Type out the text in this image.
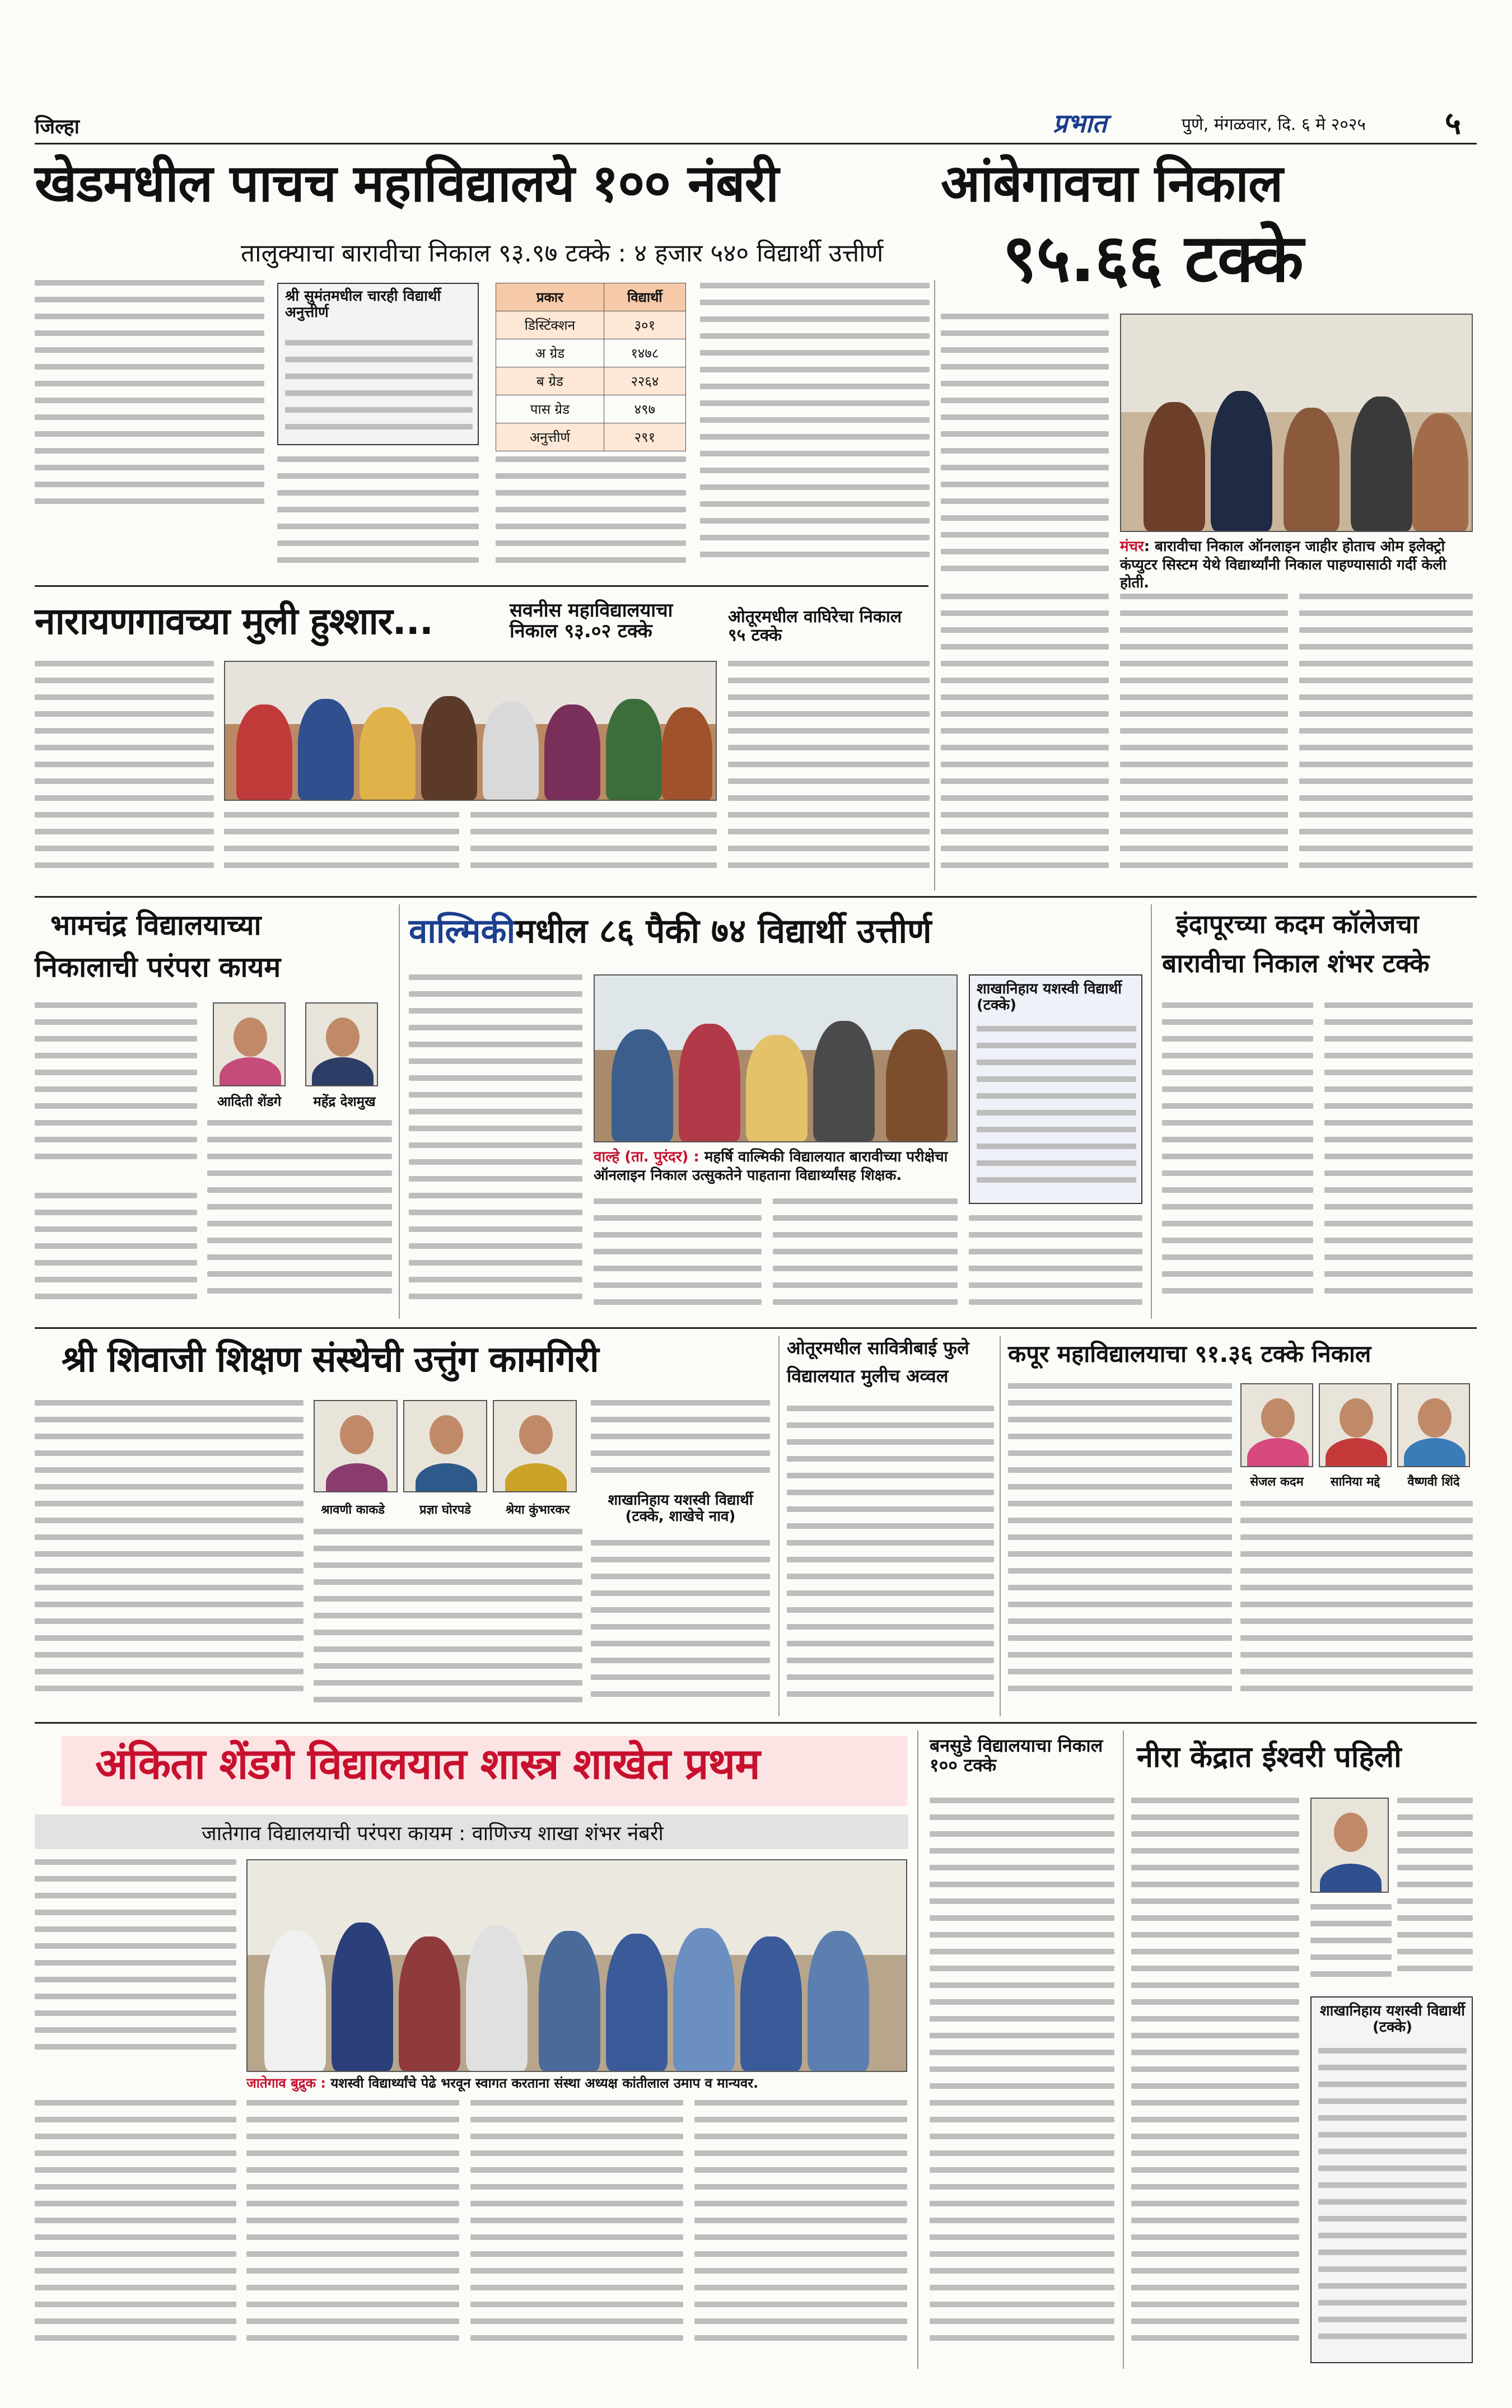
जिल्हा	प्रभात	पुणे, मंगळवार, दि. ६ मे २०२५	५
खेडमधील पाचच महाविद्यालये १०० नंबरी
तालुक्याचा बारावीचा निकाल ९३.९७ टक्के : ४ हजार ५४० विद्यार्थी उत्तीर्ण
श्री सुमंतमधील चारही विद्यार्थी अनुत्तीर्ण
प्रकार	विद्यार्थी
डिस्टिंक्शन	३०१
अ ग्रेड	१४७८
ब ग्रेड	२२६४
पास ग्रेड	४९७
अनुत्तीर्ण	२९१
आंबेगावचा निकाल
९५.६६ टक्के
मंचर: बारावीचा निकाल ऑनलाइन जाहीर होताच ओम इलेक्ट्रो कंप्युटर सिस्टम येथे विद्यार्थ्यांनी निकाल पाहण्यासाठी गर्दी केली होती.
नारायणगावच्या मुली हुश्शार...	सवनीस महाविद्यालयाचा निकाल ९३.०२ टक्के
ओतूरमधील वाघिरेचा निकाल ९५ टक्के
भामचंद्र विद्यालयाच्या
निकालाची परंपरा कायम
आदिती शेंडगे	महेंद्र देशमुख
वाल्मिकीमधील ८६ पैकी ७४ विद्यार्थी उत्तीर्ण
वाल्हे (ता. पुरंदर) : महर्षि वाल्मिकी विद्यालयात बारावीच्या परीक्षेचा ऑनलाइन निकाल उत्सुकतेने पाहताना विद्यार्थ्यांसह शिक्षक.
शाखानिहाय यशस्वी विद्यार्थी (टक्के)
इंदापूरच्या कदम कॉलेजचा
बारावीचा निकाल शंभर टक्के
श्री शिवाजी शिक्षण संस्थेची उत्तुंग कामगिरी
श्रावणी काकडे	प्रज्ञा घोरपडे	श्रेया कुंभारकर
शाखानिहाय यशस्वी विद्यार्थी (टक्के, शाखेचे नाव)
ओतूरमधील सावित्रीबाई फुले
विद्यालयात मुलीच अव्वल
कपूर महाविद्यालयाचा ९१.३६ टक्के निकाल
सेजल कदम	सानिया मद्दे	वैष्णवी शिंदे
अंकिता शेंडगे विद्यालयात शास्त्र शाखेत प्रथम
जातेगाव विद्यालयाची परंपरा कायम : वाणिज्य शाखा शंभर नंबरी
जातेगाव बुद्रुक : यशस्वी विद्यार्थ्यांचे पेढे भरवून स्वागत करताना संस्था अध्यक्ष कांतीलाल उमाप व मान्यवर.
बनसुडे विद्यालयाचा निकाल १०० टक्के	नीरा केंद्रात ईश्वरी पहिली
शाखानिहाय यशस्वी विद्यार्थी (टक्के)
